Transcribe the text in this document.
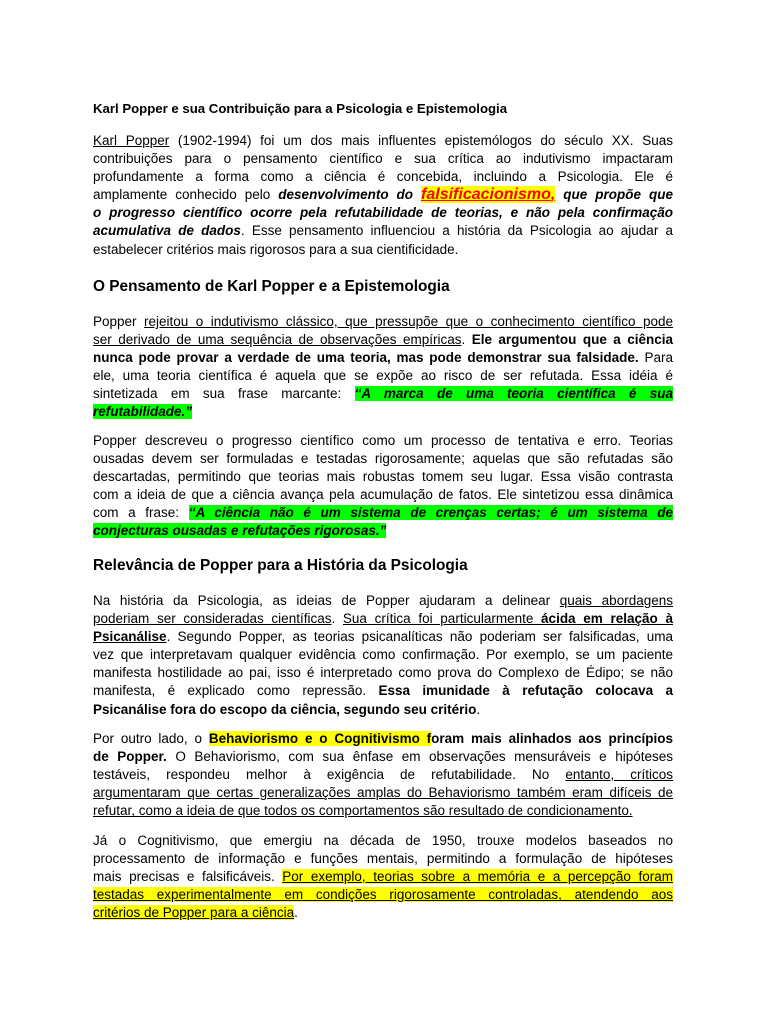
Karl Popper e sua Contribuição para a Psicologia e Epistemologia
Karl Popper (1902-1994) foi um dos mais influentes epistemólogos do século XX. Suas
contribuições para o pensamento científico e sua crítica ao indutivismo impactaram
profundamente a forma como a ciência é concebida, incluindo a Psicologia. Ele é
amplamente conhecido pelo desenvolvimento do falsificacionismo, que propõe que
o progresso científico ocorre pela refutabilidade de teorias, e não pela confirmação
acumulativa de dados. Esse pensamento influenciou a história da Psicologia ao ajudar a
estabelecer critérios mais rigorosos para a sua cientificidade.
O Pensamento de Karl Popper e a Epistemologia
Popper rejeitou o indutivismo clássico, que pressupõe que o conhecimento científico pode
ser derivado de uma sequência de observações empíricas. Ele argumentou que a ciência
nunca pode provar a verdade de uma teoria, mas pode demonstrar sua falsidade. Para
ele, uma teoria científica é aquela que se expõe ao risco de ser refutada. Essa idéia é
sintetizada em sua frase marcante: “A marca de uma teoria científica é sua
refutabilidade.”
Popper descreveu o progresso científico como um processo de tentativa e erro. Teorias
ousadas devem ser formuladas e testadas rigorosamente; aquelas que são refutadas são
descartadas, permitindo que teorias mais robustas tomem seu lugar. Essa visão contrasta
com a ideia de que a ciência avança pela acumulação de fatos. Ele sintetizou essa dinâmica
com a frase: “A ciência não é um sistema de crenças certas; é um sistema de
conjecturas ousadas e refutações rigorosas.”
Relevância de Popper para a História da Psicologia
Na história da Psicologia, as ideias de Popper ajudaram a delinear quais abordagens
poderiam ser consideradas científicas. Sua crítica foi particularmente ácida em relação à
Psicanálise. Segundo Popper, as teorias psicanalíticas não poderiam ser falsificadas, uma
vez que interpretavam qualquer evidência como confirmação. Por exemplo, se um paciente
manifesta hostilidade ao pai, isso é interpretado como prova do Complexo de Édipo; se não
manifesta, é explicado como repressão. Essa imunidade à refutação colocava a
Psicanálise fora do escopo da ciência, segundo seu critério.
Por outro lado, o Behaviorismo e o Cognitivismo foram mais alinhados aos princípios
de Popper. O Behaviorismo, com sua ênfase em observações mensuráveis e hipóteses
testáveis, respondeu melhor à exigência de refutabilidade. No entanto, críticos
argumentaram que certas generalizações amplas do Behaviorismo também eram difíceis de
refutar, como a ideia de que todos os comportamentos são resultado de condicionamento.
Já o Cognitivismo, que emergiu na década de 1950, trouxe modelos baseados no
processamento de informação e funções mentais, permitindo a formulação de hipóteses
mais precisas e falsificáveis. Por exemplo, teorias sobre a memória e a percepção foram
testadas experimentalmente em condições rigorosamente controladas, atendendo aos
critérios de Popper para a ciência.
